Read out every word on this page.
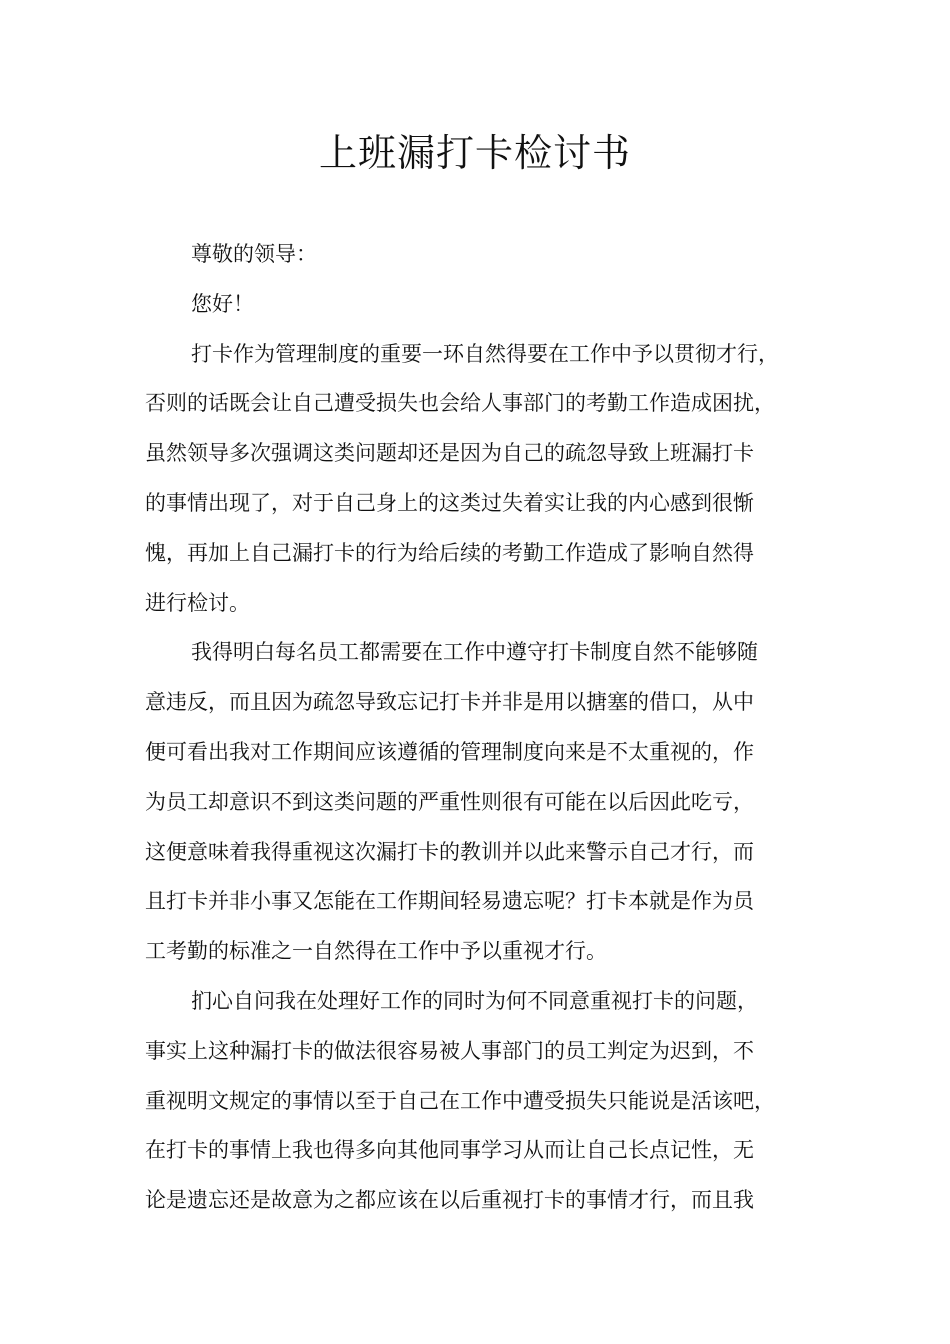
上班漏打卡检讨书
尊敬的领导：
您好！
打卡作为管理制度的重要一环自然得要在工作中予以贯彻才行，
否则的话既会让自己遭受损失也会给人事部门的考勤工作造成困扰，
虽然领导多次强调这类问题却还是因为自己的疏忽导致上班漏打卡
的事情出现了，对于自己身上的这类过失着实让我的内心感到很惭
愧，再加上自己漏打卡的行为给后续的考勤工作造成了影响自然得
进行检讨。
我得明白每名员工都需要在工作中遵守打卡制度自然不能够随
意违反，而且因为疏忽导致忘记打卡并非是用以搪塞的借口，从中
便可看出我对工作期间应该遵循的管理制度向来是不太重视的，作
为员工却意识不到这类问题的严重性则很有可能在以后因此吃亏，
这便意味着我得重视这次漏打卡的教训并以此来警示自己才行，而
且打卡并非小事又怎能在工作期间轻易遗忘呢？打卡本就是作为员
工考勤的标准之一自然得在工作中予以重视才行。
扪心自问我在处理好工作的同时为何不同意重视打卡的问题，
事实上这种漏打卡的做法很容易被人事部门的员工判定为迟到，不
重视明文规定的事情以至于自己在工作中遭受损失只能说是活该吧，
在打卡的事情上我也得多向其他同事学习从而让自己长点记性，无
论是遗忘还是故意为之都应该在以后重视打卡的事情才行，而且我
